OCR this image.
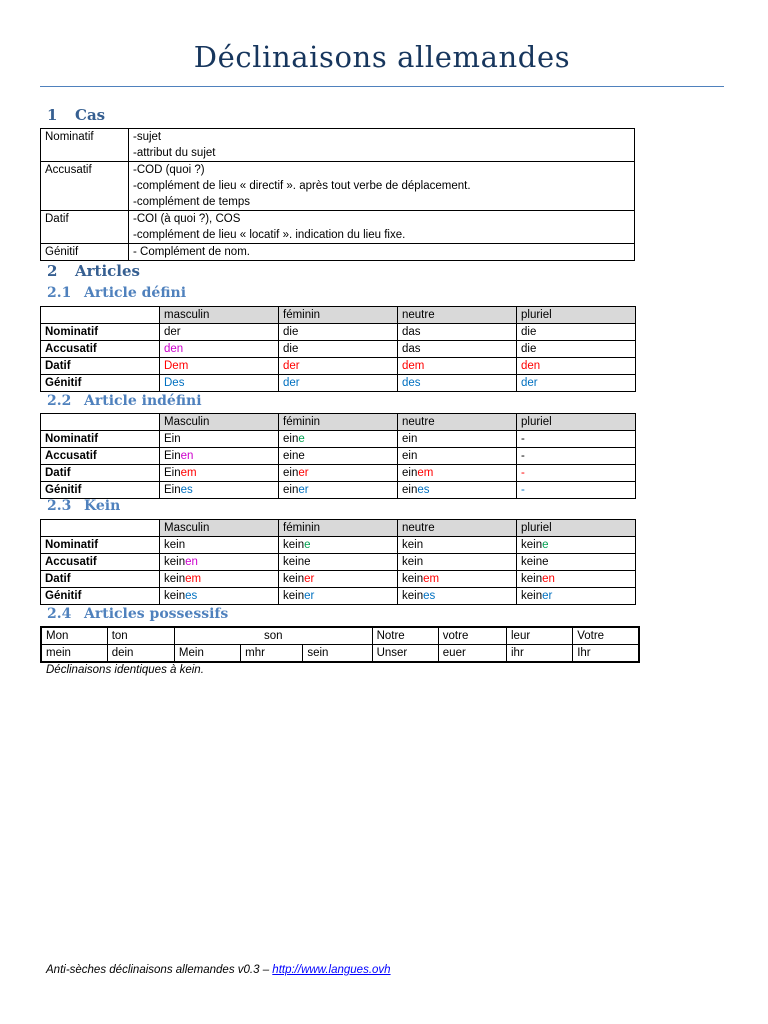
Déclinaisons allemandes
1 Cas
Nominatif	-sujet
-attribut du sujet

Accusatif	-COD (quoi ?)
-complément de lieu « directif ». après tout verbe de déplacement.
-complément de temps

Datif	-COI (à quoi ?), COS
-complément de lieu « locatif ». indication du lieu fixe.

Génitif	- Complément de nom.
2 Articles
2.1 Article défini
	masculin	féminin	neutre	pluriel
Nominatif	der	die	das	die
Accusatif	den	die	das	die
Datif	Dem	der	dem	den
Génitif	Des	der	des	der
2.2 Article indéfini
	Masculin	féminin	neutre	pluriel
Nominatif	Ein	eine	ein	-
Accusatif	Einen	eine	ein	-
Datif	Einem	einer	einem	-
Génitif	Eines	einer	eines	-
2.3 Kein
	Masculin	féminin	neutre	pluriel
Nominatif	kein	keine	kein	keine
Accusatif	keinen	keine	kein	keine
Datif	keinem	keiner	keinem	keinen
Génitif	keines	keiner	keines	keiner
2.4 Articles possessifs
Mon	ton	son			Notre	votre	leur	Votre
mein	dein	Mein	mhr	sein	Unser	euer	ihr	Ihr
Déclinaisons identiques à kein.
Anti-sèches déclinaisons allemandes v0.3 – http://www.langues.ovh
